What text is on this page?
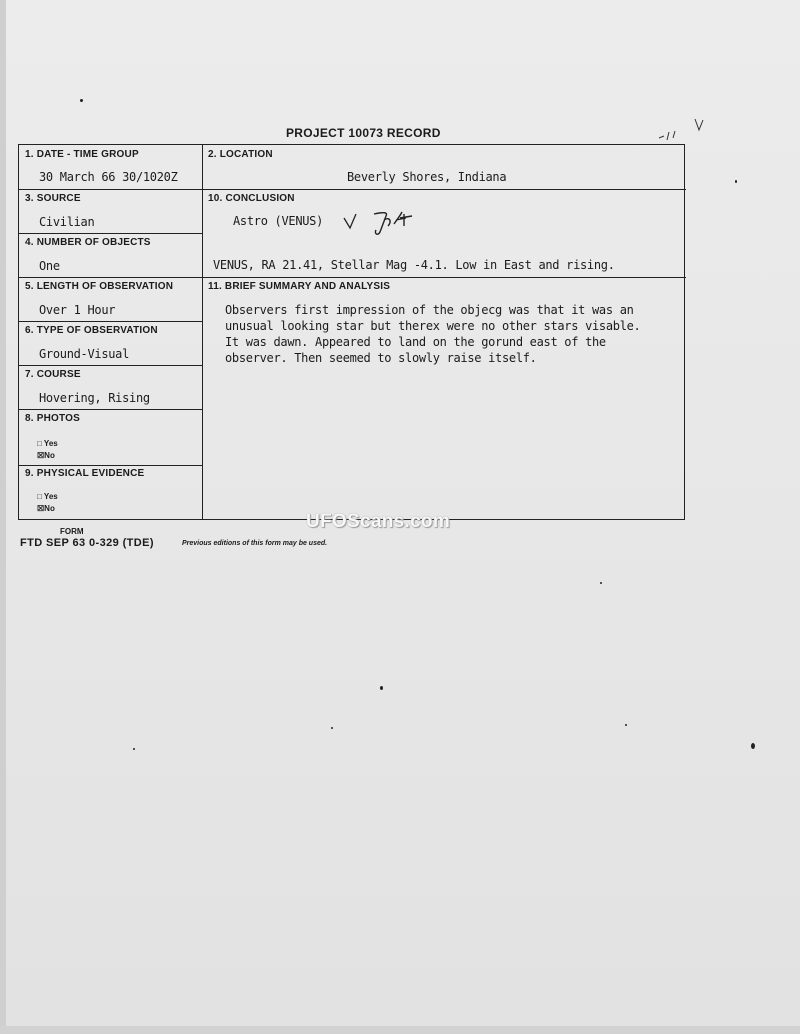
PROJECT 10073 RECORD
1. DATE - TIME GROUP
30 March 66 30/1020Z
2. LOCATION
Beverly Shores, Indiana
3. SOURCE
Civilian
10. CONCLUSION
Astro (VENUS)
VENUS, RA 21.41, Stellar Mag -4.1. Low in East and rising.
4. NUMBER OF OBJECTS
One
5. LENGTH OF OBSERVATION
Over 1 Hour
11. BRIEF SUMMARY AND ANALYSIS
6. TYPE OF OBSERVATION
Ground-Visual
7. COURSE
Hovering, Rising
8. PHOTOS
□ Yes
☒No
9. PHYSICAL EVIDENCE
□ Yes
☒No
Observers first impression of the objecg was that it was an
unusual looking star but therex were no other stars visable.
It was dawn. Appeared to land on the gorund east of the
observer. Then seemed to slowly raise itself.
FORM
FTD SEP 63 0-329 (TDE)	Previous editions of this form may be used.
UFOScans.com
